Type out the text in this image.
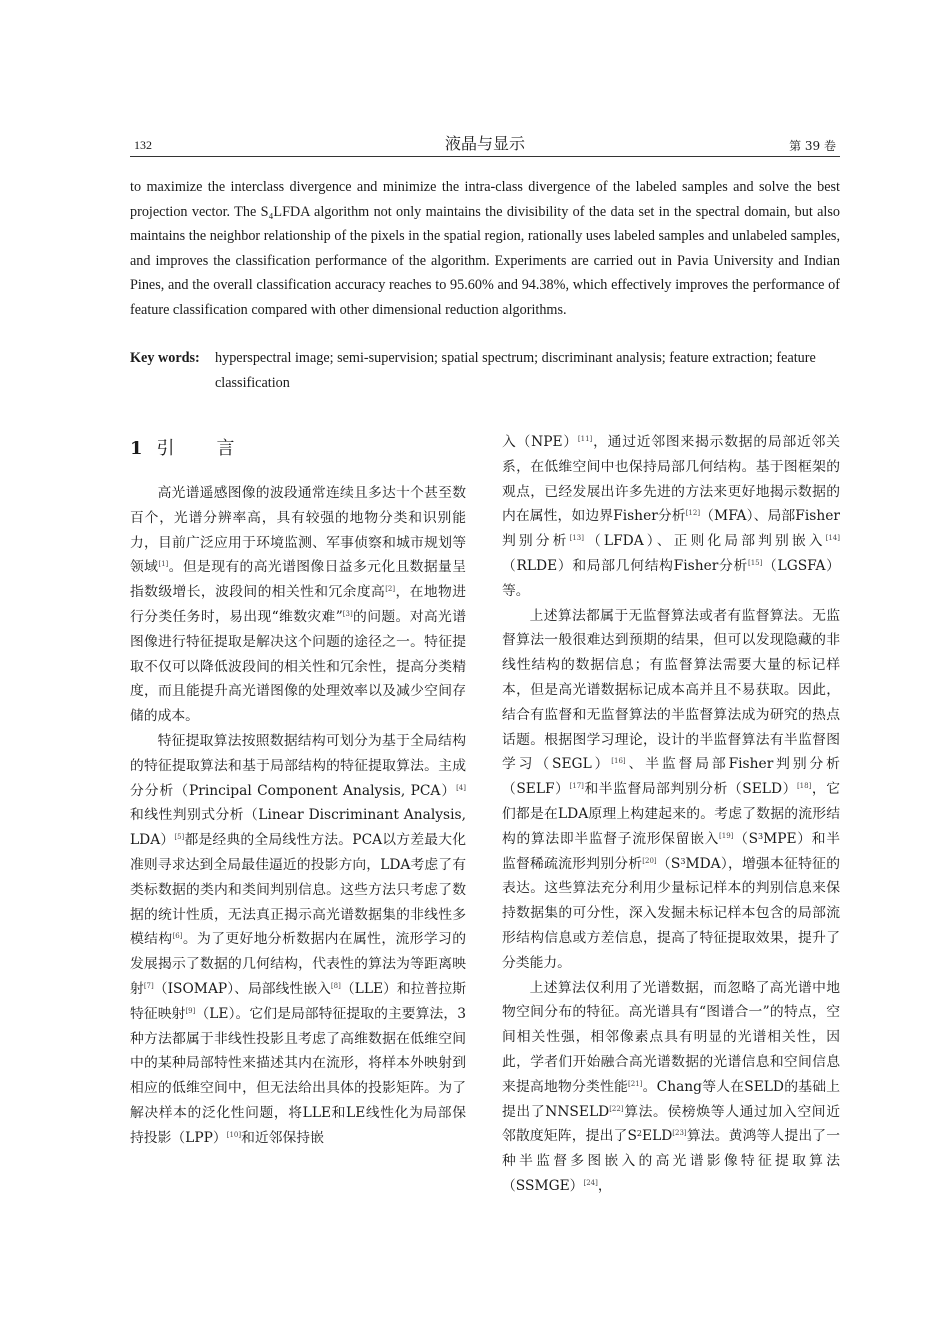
132	液晶与显示	第 39 卷

to maximize the interclass divergence and minimize the intra-class divergence of the labeled samples and solve the best projection vector. The S₄LFDA algorithm not only maintains the divisibility of the data set in the spectral domain, but also maintains the neighbor relationship of the pixels in the spatial region, rationally uses labeled samples and unlabeled samples, and improves the classification performance of the algorithm. Experiments are carried out in Pavia University and Indian Pines, and the overall classification accuracy reaches to 95.60% and 94.38%, which effectively improves the performance of feature classification compared with other dimensional reduction algorithms.

Key words: hyperspectral image; semi-supervision; spatial spectrum; discriminant analysis; feature extraction; feature classification
1 引言

高光谱遥感图像的波段通常连续且多达十个甚至数百个，光谱分辨率高，具有较强的地物分类和识别能力，目前广泛应用于环境监测、军事侦察和城市规划等领域[1]。但是现有的高光谱图像日益多元化且数据量呈指数级增长，波段间的相关性和冗余度高[2]，在地物进行分类任务时，易出现“维数灾难”[3]的问题。对高光谱图像进行特征提取是解决这个问题的途径之一。特征提取不仅可以降低波段间的相关性和冗余性，提高分类精度，而且能提升高光谱图像的处理效率以及减少空间存储的成本。

特征提取算法按照数据结构可划分为基于全局结构的特征提取算法和基于局部结构的特征提取算法。主成分分析（Principal Component Analysis, PCA）[4]和线性判别式分析（Linear Discriminant Analysis, LDA）[5]都是经典的全局线性方法。PCA以方差最大化准则寻求达到全局最佳逼近的投影方向，LDA考虑了有类标数据的类内和类间判别信息。这些方法只考虑了数据的统计性质，无法真正揭示高光谱数据集的非线性多模结构[6]。为了更好地分析数据内在属性，流形学习的发展揭示了数据的几何结构，代表性的算法为等距离映射[7]（ISOMAP）、局部线性嵌入[8]（LLE）和拉普拉斯特征映射[9]（LE）。它们是局部特征提取的主要算法，3种方法都属于非线性投影且考虑了高维数据在低维空间中的某种局部特性来描述其内在流形，将样本外映射到相应的低维空间中，但无法给出具体的投影矩阵。为了解决样本的泛化性问题，将LLE和LE线性化为局部保持投影（LPP）[10]和近邻保持嵌

入（NPE）[11]，通过近邻图来揭示数据的局部近邻关系，在低维空间中也保持局部几何结构。基于图框架的观点，已经发展出许多先进的方法来更好地揭示数据的内在属性，如边界Fisher分析[12]（MFA）、局部Fisher判别分析[13]（LFDA）、正则化局部判别嵌入[14]（RLDE）和局部几何结构Fisher分析[15]（LGSFA）等。

上述算法都属于无监督算法或者有监督算法。无监督算法一般很难达到预期的结果，但可以发现隐藏的非线性结构的数据信息；有监督算法需要大量的标记样本，但是高光谱数据标记成本高并且不易获取。因此，结合有监督和无监督算法的半监督算法成为研究的热点话题。根据图学习理论，设计的半监督算法有半监督图学习（SEGL）[16]、半监督局部Fisher判别分析（SELF）[17]和半监督局部判别分析（SELD）[18]，它们都是在LDA原理上构建起来的。考虑了数据的流形结构的算法即半监督子流形保留嵌入$[19](S^3MPE)$和半监督稀疏流形判别分析$[20](S^3MDA)$，增强本征特征的表达。这些算法充分利用少量标记样本的判别信息来保持数据集的可分性，深入发掘未标记样本包含的局部流形结构信息或方差信息，提高了特征提取效果，提升了分类能力。

上述算法仅利用了光谱数据，而忽略了高光谱中地物空间分布的特征。高光谱具有“图谱合一”的特点，空间相关性强，相邻像素点具有明显的光谱相关性，因此，学者们开始融合高光谱数据的光谱信息和空间信息来提高地物分类性能[21]。Chang等人在SELD的基础上提出了NNSELD[22]算法。侯榜焕等人通过加入空间近邻散度矩阵，提出了$S^2ELD[23]$算法。黄鸿等人提出了一种半监督多图嵌入的高光谱影像特征提取算法（SSMGE）[24]，
